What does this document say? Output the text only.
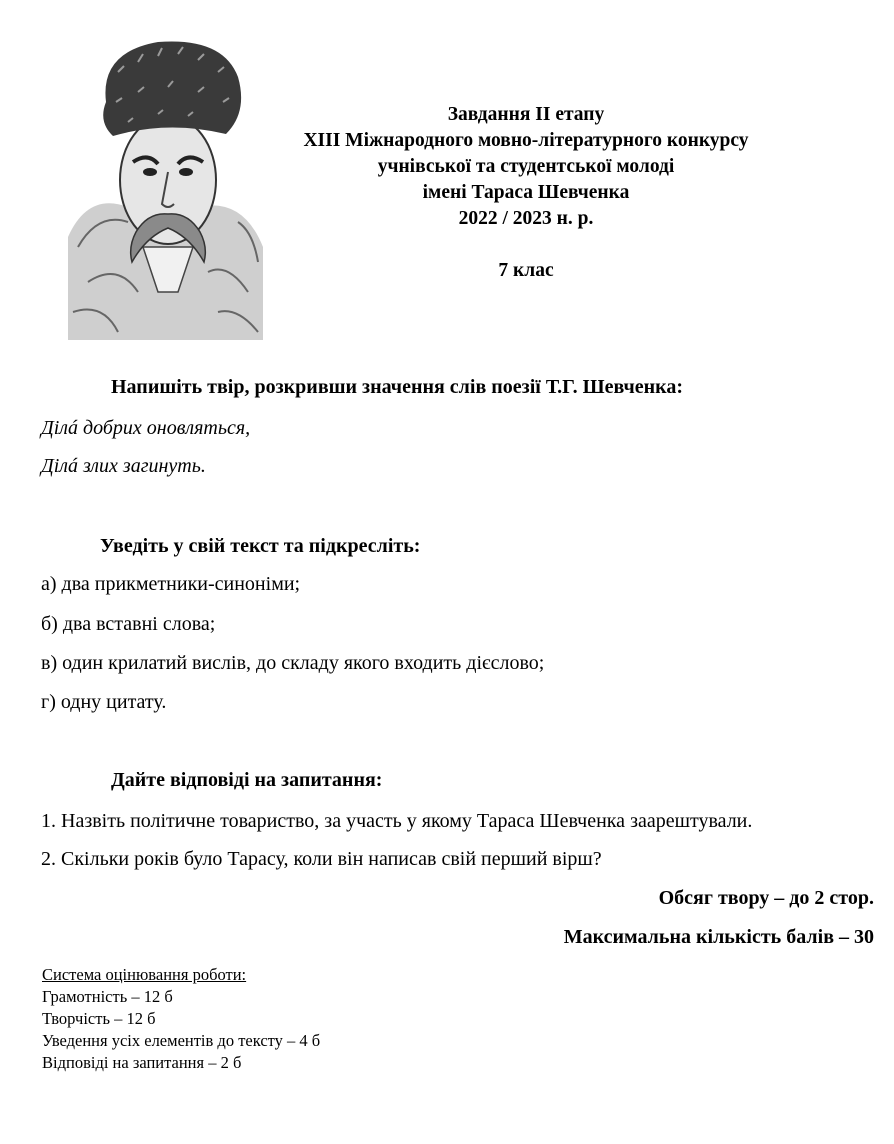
Завдання II етапу
XIII Міжнародного мовно-літературного конкурсу
учнівської та студентської молоді
імені Тараса Шевченка
2022 / 2023 н. р.
7 клас
Напишіть твір, розкривши значення слів поезії Т.Г. Шевченка:
Ділá добрих оновляться,
Ділá злих загинуть.
Уведіть у свій текст та підкресліть:
а) два прикметники-синоніми;
б) два вставні слова;
в) один крилатий вислів, до складу якого входить дієслово;
г) одну цитату.
Дайте відповіді на запитання:
1. Назвіть політичне товариство, за участь у якому Тараса Шевченка заарештували.
2. Скільки років було Тарасу, коли він написав свій перший вірш?
Обсяг твору – до 2 стор.
Максимальна кількість балів – 30
Система оцінювання роботи:
Грамотність – 12 б
Творчість – 12 б
Уведення усіх елементів до тексту – 4 б
Відповіді на запитання – 2 б
